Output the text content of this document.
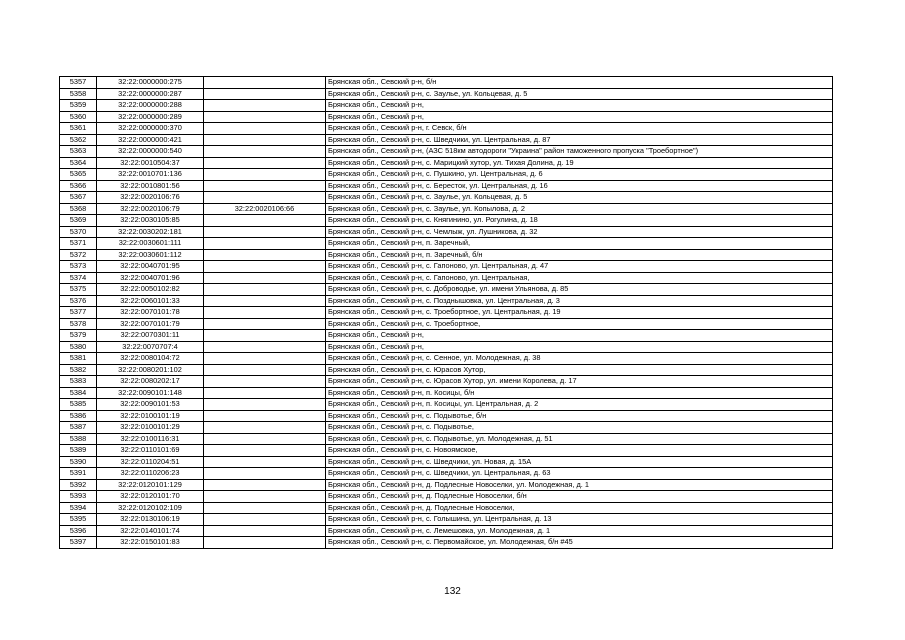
5357	32:22:0000000:275		Брянская обл., Севский р-н, б/н
5358	32:22:0000000:287		Брянская обл., Севский р-н, с. Заулье, ул. Кольцевая, д. 5
5359	32:22:0000000:288		Брянская обл., Севский р-н,
5360	32:22:0000000:289		Брянская обл., Севский р-н,
5361	32:22:0000000:370		Брянская обл., Севский р-н, г. Севск, б/н
5362	32:22:0000000:421		Брянская обл., Севский р-н, с. Шведчики, ул. Центральная, д. 87
5363	32:22:0000000:540		Брянская обл., Севский р-н, (АЗС 518км автодороги "Украина" район таможенного пропуска "Троебортное")
5364	32:22:0010504:37		Брянская обл., Севский р-н, с. Марицкий хутор, ул. Тихая Долина, д. 19
5365	32:22:0010701:136		Брянская обл., Севский р-н, с. Пушкино, ул. Центральная, д. 6
5366	32:22:0010801:56		Брянская обл., Севский р-н, с. Береcток, ул. Центральная, д. 16
5367	32:22:0020106:76		Брянская обл., Севский р-н, с. Заулье, ул. Кольцевая, д. 5
5368	32:22:0020106:79	32:22:0020106:66	Брянская обл., Севский р-н, с. Заулье, ул. Копылова, д. 2
5369	32:22:0030105:85		Брянская обл., Севский р-н, с. Княгинино, ул. Рогулина, д. 18
5370	32:22:0030202:181		Брянская обл., Севский р-н, с. Чемлыж, ул. Лушникова, д. 32
5371	32:22:0030601:111		Брянская обл., Севский р-н, п. Заречный,
5372	32:22:0030601:112		Брянская обл., Севский р-н, п. Заречный, б/н
5373	32:22:0040701:95		Брянская обл., Севский р-н, с. Гапоново, ул. Центральная, д. 47
5374	32:22:0040701:96		Брянская обл., Севский р-н, с. Гапоново, ул. Центральная,
5375	32:22:0050102:82		Брянская обл., Севский р-н, с. Доброводье, ул. имени Ульянова, д. 85
5376	32:22:0060101:33		Брянская обл., Севский р-н, с. Позднышовка, ул. Центральная, д. 3
5377	32:22:0070101:78		Брянская обл., Севский р-н, с. Троебортное, ул. Центральная, д. 19
5378	32:22:0070101:79		Брянская обл., Севский р-н, с. Троебортное,
5379	32:22:0070301:11		Брянская обл., Севский р-н,
5380	32:22:0070707:4		Брянская обл., Севский р-н,
5381	32:22:0080104:72		Брянская обл., Севский р-н, с. Сенное, ул. Молодежная, д. 38
5382	32:22:0080201:102		Брянская обл., Севский р-н, с. Юрасов Хутор,
5383	32:22:0080202:17		Брянская обл., Севский р-н, с. Юрасов Хутор, ул. имени Королева, д. 17
5384	32:22:0090101:148		Брянская обл., Севский р-н, п. Косицы, б/н
5385	32:22:0090101:53		Брянская обл., Севский р-н, п. Косицы, ул. Центральная, д. 2
5386	32:22:0100101:19		Брянская обл., Севский р-н, с. Подывотье, б/н
5387	32:22:0100101:29		Брянская обл., Севский р-н, с. Подывотье,
5388	32:22:0100116:31		Брянская обл., Севский р-н, с. Подывотье, ул. Молодежная, д. 51
5389	32:22:0110101:69		Брянская обл., Севский р-н, с. Новоямское,
5390	32:22:0110204:51		Брянская обл., Севский р-н, с. Шведчики, ул. Новая, д. 15А
5391	32:22:0110206:23		Брянская обл., Севский р-н, с. Шведчики, ул. Центральная, д. 63
5392	32:22:0120101:129		Брянская обл., Севский р-н, д. Подлесные Новоселки, ул. Молодежная, д. 1
5393	32:22:0120101:70		Брянская обл., Севский р-н, д. Подлесные Новоселки, б/н
5394	32:22:0120102:109		Брянская обл., Севский р-н, д. Подлесные Новоселки,
5395	32:22:0130106:19		Брянская обл., Севский р-н, с. Голышина, ул. Центральная, д. 13
5396	32:22:0140101:74		Брянская обл., Севский р-н, с. Лемешовка, ул. Молодежная, д. 1
5397	32:22:0150101:83		Брянская обл., Севский р-н, с. Первомайское, ул. Молодежная, б/н #45
132
